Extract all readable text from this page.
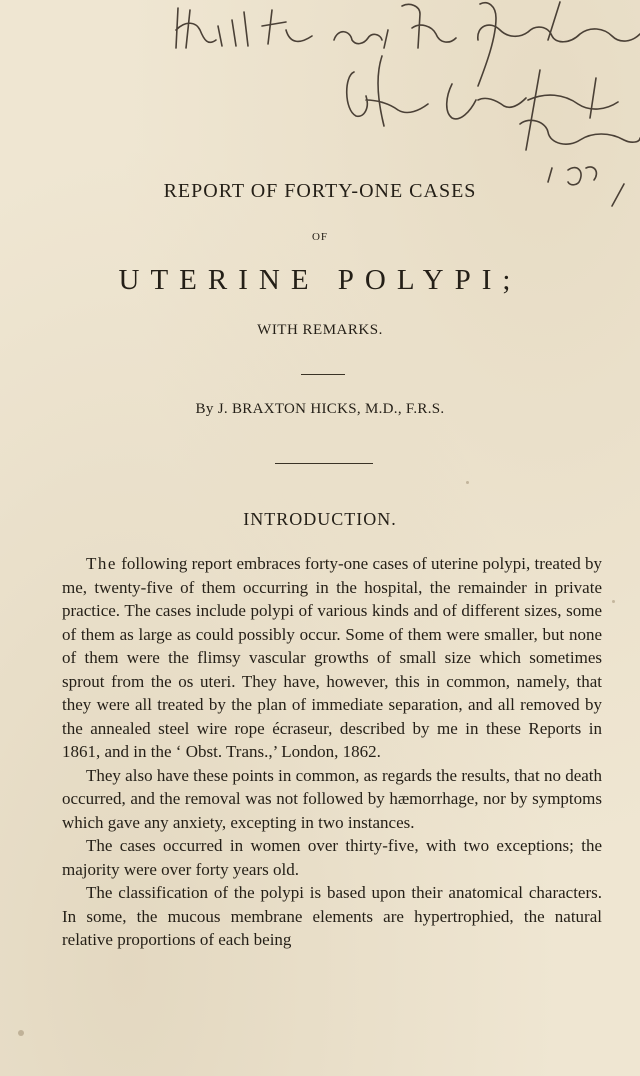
REPORT OF FORTY-ONE CASES
OF
UTERINE POLYPI;
WITH REMARKS.
By J. BRAXTON HICKS, M.D., F.R.S.
INTRODUCTION.

The following report embraces forty-one cases of uterine polypi, treated by me, twenty-five of them occurring in the hospital, the remainder in private practice. The cases include polypi of various kinds and of different sizes, some of them as large as could possibly occur. Some of them were smaller, but none of them were the flimsy vascular growths of small size which sometimes sprout from the os uteri. They have, however, this in common, namely, that they were all treated by the plan of immediate separation, and all removed by the annealed steel wire rope écraseur, described by me in these Reports in 1861, and in the ‘ Obst. Trans.,’ London, 1862.

They also have these points in common, as regards the results, that no death occurred, and the removal was not followed by hæmorrhage, nor by symptoms which gave any anxiety, excepting in two instances.

The cases occurred in women over thirty-five, with two exceptions; the majority were over forty years old.

The classification of the polypi is based upon their anatomical characters. In some, the mucous membrane elements are hypertrophied, the natural relative proportions of each being
